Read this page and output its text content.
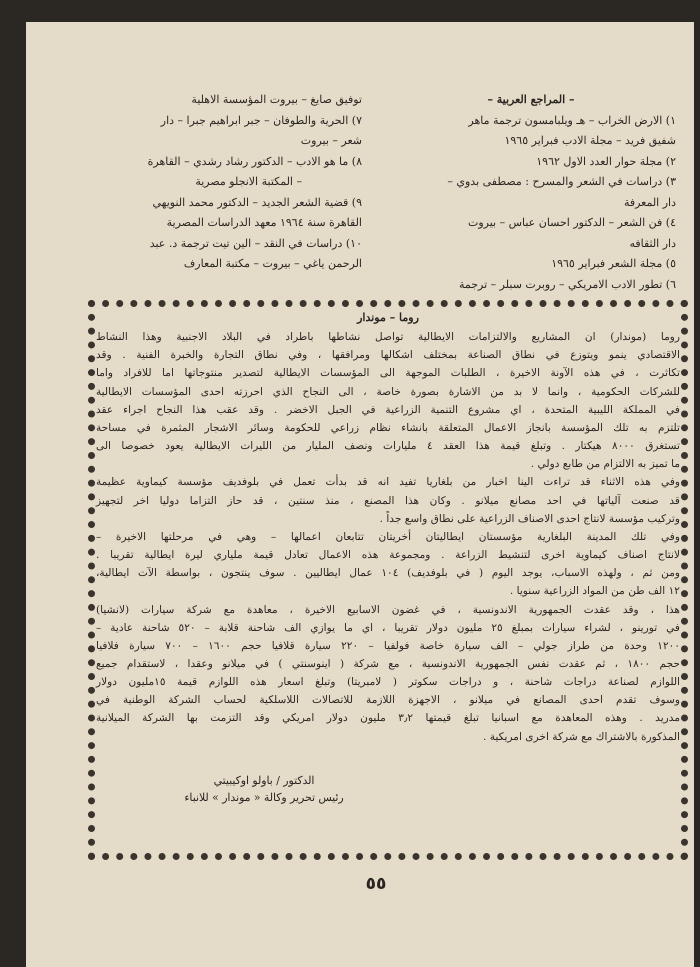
– المراجع العربية –
١) الارض الخراب – هـ ويلبامسون ترجمة ماهر
شفيق فريد – مجلة الادب فبراير ١٩٦٥
٢) مجلة حوار العدد الاول ١٩٦٢
٣) دراسات في الشعر والمسرح : مصطفى بدوي –
دار المعرفة
٤) فن الشعر – الدكتور احسان عباس – بيروت
دار الثقافه
٥) مجلة الشعر فبراير ١٩٦٥
٦) تطور الادب الامريكي – روبرت سبلر – ترجمة
توفيق صايغ – بيروت المؤسسة الاهلية
٧) الحرية والطوفان – جبر ابراهيم جبرا – دار
شعر – بيروت
٨) ما هو الادب – الدكتور رشاد رشدي – القاهرة
– المكتبة الانجلو مصرية
٩) قضية الشعر الجديد – الدكتور محمد النويهي
القاهرة سنة ١٩٦٤ معهد الدراسات المصرية
١٠) دراسات في النقد – الين تيت ترجمة د. عبد
الرحمن ياغي – بيروت – مكتبة المعارف
روما – موندار
روما (موندار) ان المشاريع والالتزامات الايطالية تواصل نشاطها باطراد في البلاد الاجنبية وهذا النشاط
الاقتصادي ينمو ويتوزع في نطاق الصناعة بمختلف اشكالها ومرافقها ، وفي نطاق التجارة والخبرة الفنية . وقد
تكاثرت ، في هذه الآونة الاخيرة ، الطلبات الموجهة الى المؤسسات الايطالية لتصدير منتوجاتها اما للافراد واما
للشركات الحكومية ، وانما لا بد من الاشارة بصورة خاصة ، الى النجاح الذي احرزته احدى المؤسسات الايطالية
في المملكة الليبية المتحدة ، اي مشروع التنمية الزراعية في الجبل الاخضر . وقد عقب هذا النجاح اجراء عقد
تلتزم به تلك المؤسسة بانجاز الاعمال المتعلقة بانشاء نظام زراعي للحكومة وسائر الاشجار المثمرة في مساحة
تستغرق ٨٠٠٠ هيكتار . وتبلغ قيمة هذا العقد ٤ مليارات ونصف المليار من الليرات الايطالية يعود خصوصا الى
ما تميز به الالتزام من طابع دولي .
وفي هذه الاثناء قد تراءت الينا اخبار من بلغاريا تفيد انه قد بدأت تعمل في بلوفديف مؤسسة كيماوية عظيمة
قد صنعت آلياتها في احد مصانع ميلانو . وكان هذا المصنع ، منذ سنتين ، قد حاز التزاما دوليا اخر لتجهيز
وتركيب مؤسسة لانتاج احدى الاصناف الزراعية على نطاق واسع جداً .
وفي تلك المدينة البلغارية مؤسستان ايطاليتان أخريتان تتابعان اعمالها – وهي في مرحلتها الاخيرة –
لانتاج اصناف كيماوية اخرى لتنشيط الزراعة . ومجموعة هذه الاعمال تعادل قيمة ملياري ليرة ايطالية تقريبا .
ومن ثم ، ولهذه الاسباب، يوجد اليوم ( في بلوفديف) ١٠٤ عمال ايطاليين . سوف ينتجون ، بواسطة الآت ايطالية،
١٢ الف طن من المواد الزراعية سنويا .
هذا ، وقد عقدت الجمهورية الاندونسية ، في غضون الاسابيع الاخيرة ، معاهدة مع شركة سيارات (لانشيا)
في تورينو ، لشراء سيارات بمبلغ ٢٥ مليون دولار تقريبا ، اي ما يوازي الف شاحنة قلابة – ٥٢٠ شاحنة عادية –
١٢٠٠ وحدة من طراز جولي – الف سيارة خاصة فولفيا – ٢٢٠ سيارة قلافيا حجم ١٦٠٠ – ٧٠٠ سيارة فلافيا
حجم ١٨٠٠ ، ثم عقدت نفس الجمهورية الاندونسية ، مع شركة ( اينوسنتي ) في ميلانو وعقدا ، لاستقدام جميع
اللوازم لصناعة دراجات شاحنة ، و دراجات سكوتر ( لامبريتا) وتبلغ اسعار هذه اللوازم قيمة ١٥مليون دولار
وسوف تقدم احدى المصانع في ميلانو ، الاجهزة اللازمة للاتصالات اللاسلكية لحساب الشركة الوطنية في
مدريد . وهذه المعاهدة مع اسبانيا تبلغ قيمتها ٣٫٢ مليون دولار امريكي وقد التزمت بها الشركة الميلانية
المذكورة بالاشتراك مع شركة اخرى امريكية .
الدكتور / باولو اوكيبيتي
رئيس تحرير وكالة « موندار » للانباء
٥٥
